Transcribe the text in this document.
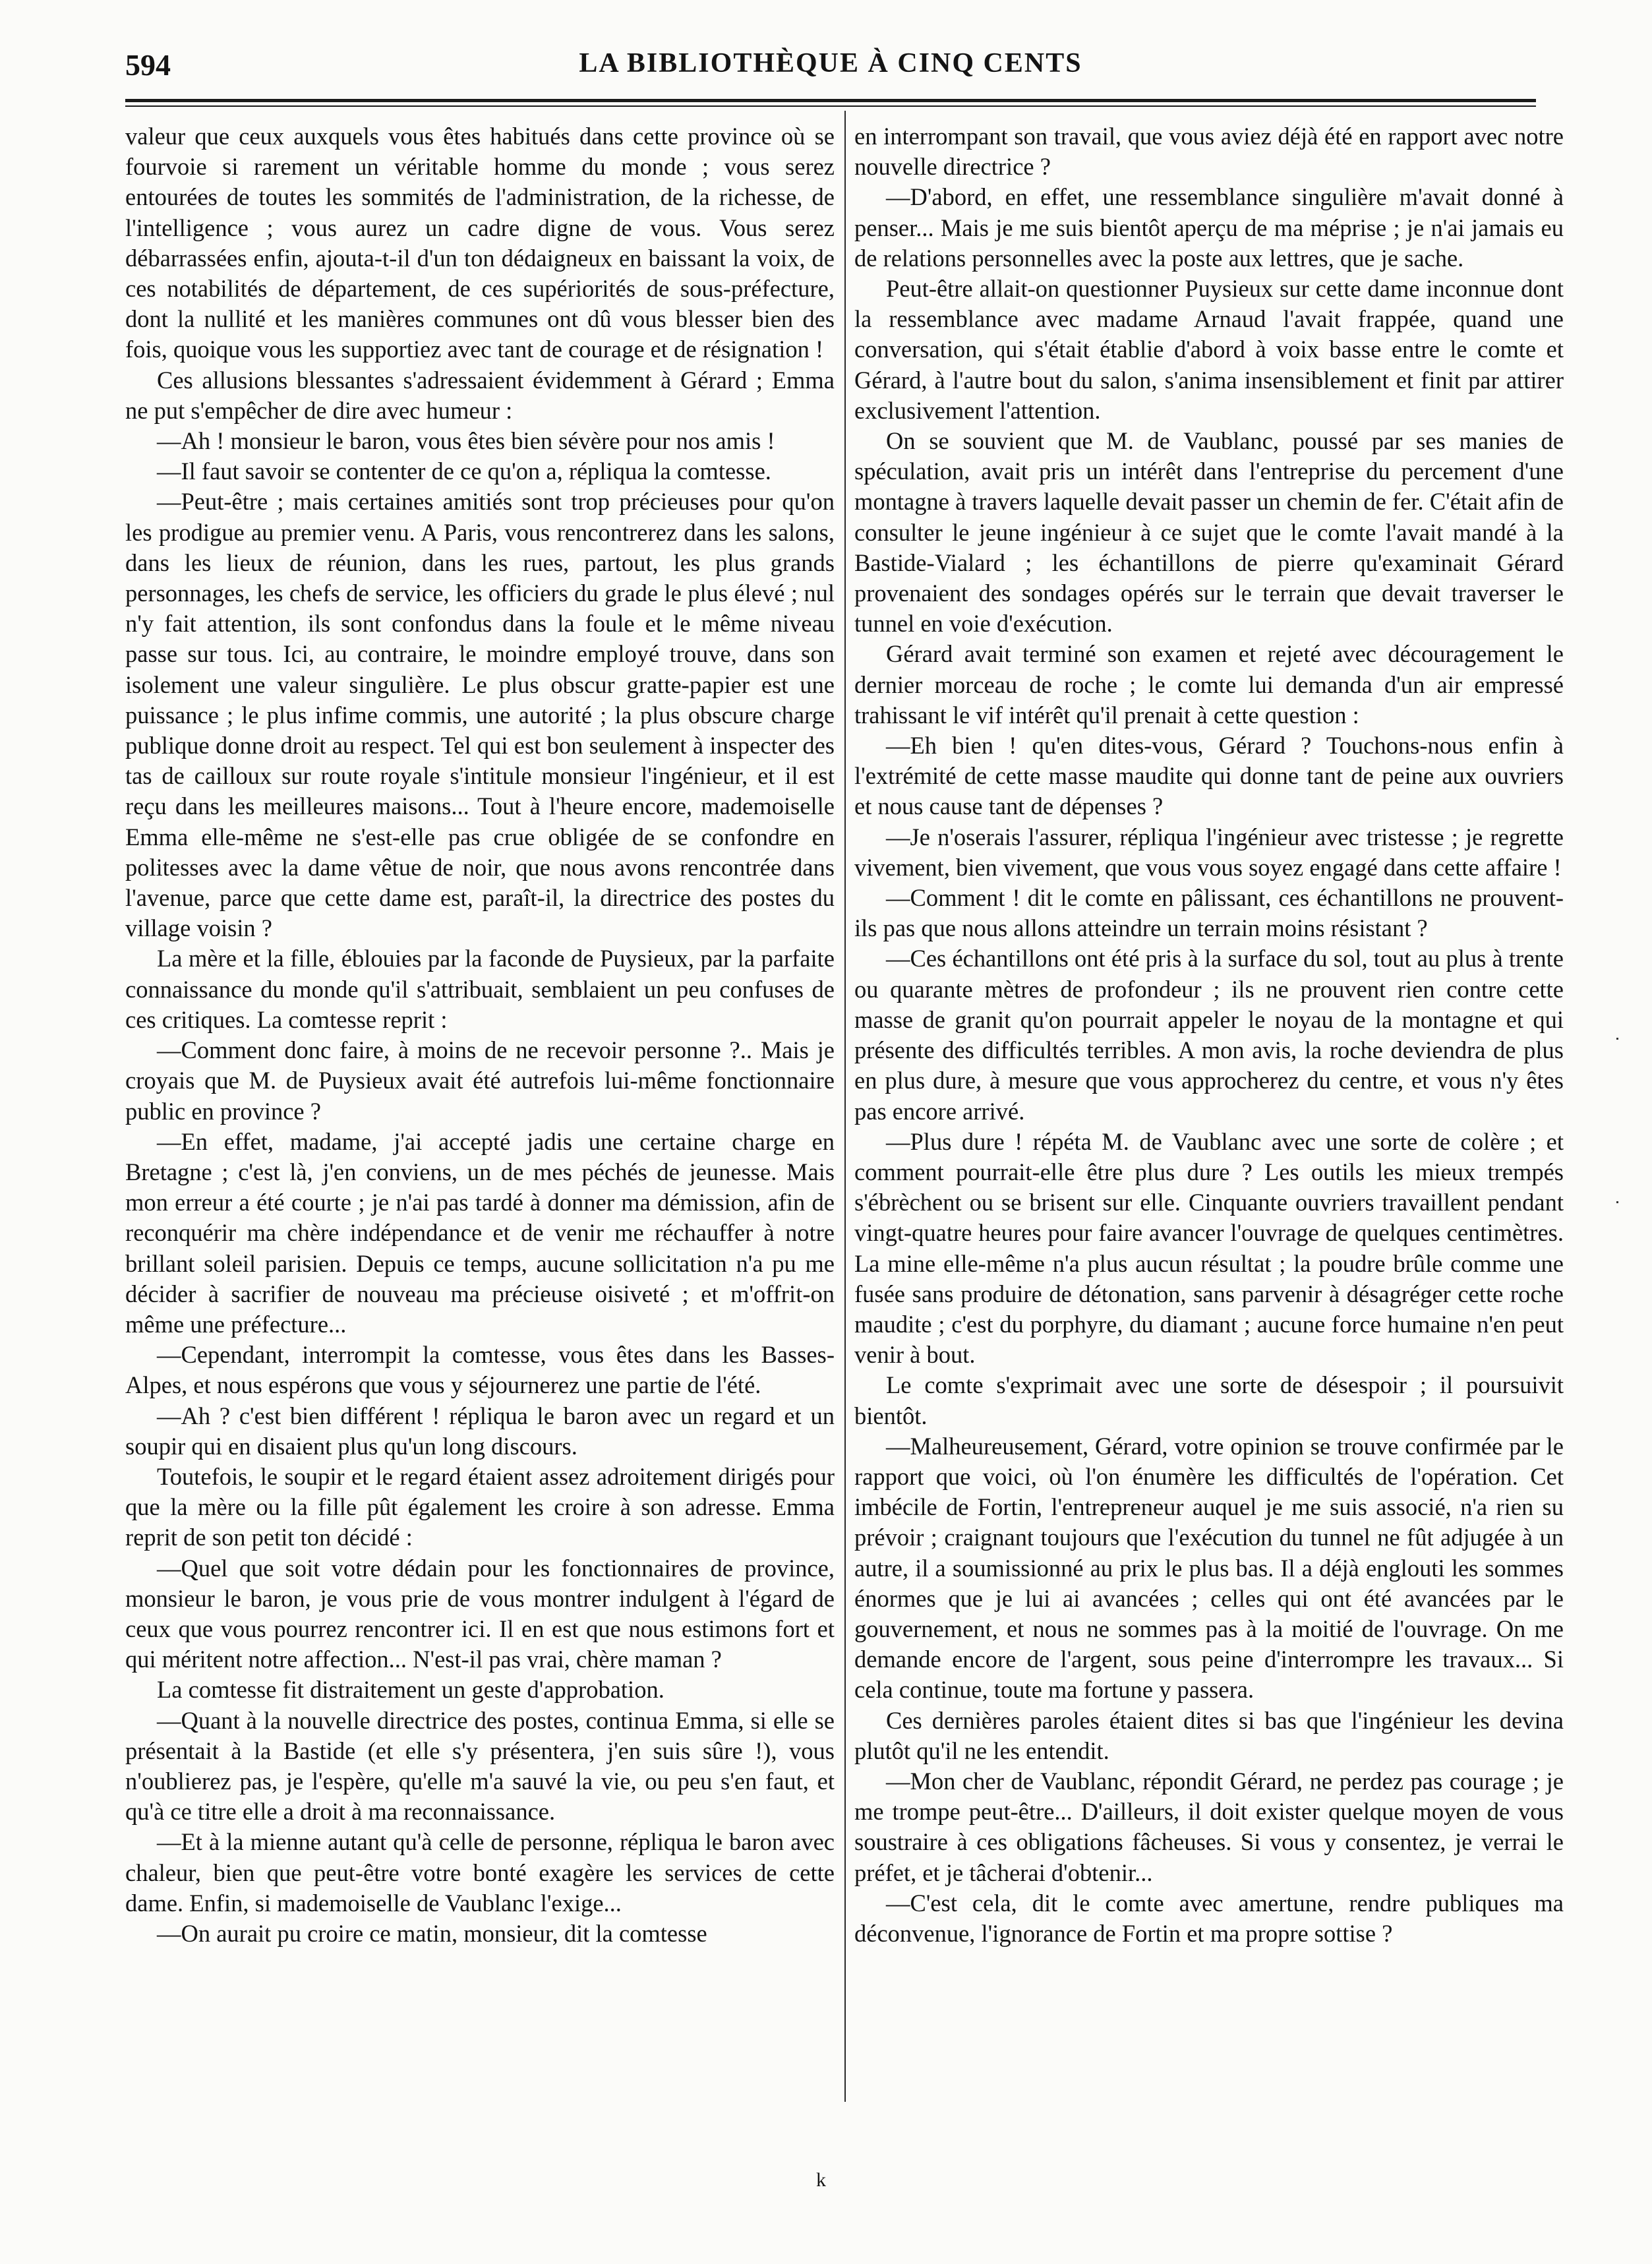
594	LA BIBLIOTHÈQUE À CINQ CENTS

valeur que ceux auxquels vous êtes habitués dans cette province où se fourvoie si rarement un véritable homme du monde ; vous serez entourées de toutes les sommités de l'administration, de la richesse, de l'intelligence ; vous aurez un cadre digne de vous. Vous serez débarrassées enfin, ajouta-t-il d'un ton dédaigneux en baissant la voix, de ces notabilités de département, de ces supériorités de sous-préfecture, dont la nullité et les manières communes ont dû vous blesser bien des fois, quoique vous les supportiez avec tant de courage et de résignation !

Ces allusions blessantes s'adressaient évidemment à Gérard ; Emma ne put s'empêcher de dire avec humeur :

—Ah ! monsieur le baron, vous êtes bien sévère pour nos amis !

—Il faut savoir se contenter de ce qu'on a, répliqua la comtesse.

—Peut-être ; mais certaines amitiés sont trop précieuses pour qu'on les prodigue au premier venu. A Paris, vous rencontrerez dans les salons, dans les lieux de réunion, dans les rues, partout, les plus grands personnages, les chefs de service, les officiers du grade le plus élevé ; nul n'y fait attention, ils sont confondus dans la foule et le même niveau passe sur tous. Ici, au contraire, le moindre employé trouve, dans son isolement une valeur singulière. Le plus obscur gratte-papier est une puissance ; le plus infime commis, une autorité ; la plus obscure charge publique donne droit au respect. Tel qui est bon seulement à inspecter des tas de cailloux sur route royale s'intitule monsieur l'ingénieur, et il est reçu dans les meilleures maisons... Tout à l'heure encore, mademoiselle Emma elle-même ne s'est-elle pas crue obligée de se confondre en politesses avec la dame vêtue de noir, que nous avons rencontrée dans l'avenue, parce que cette dame est, paraît-il, la directrice des postes du village voisin ?

La mère et la fille, éblouies par la faconde de Puysieux, par la parfaite connaissance du monde qu'il s'attribuait, semblaient un peu confuses de ces critiques. La comtesse reprit :

—Comment donc faire, à moins de ne recevoir personne ?.. Mais je croyais que M. de Puysieux avait été autrefois lui-même fonctionnaire public en province ?

—En effet, madame, j'ai accepté jadis une certaine charge en Bretagne ; c'est là, j'en conviens, un de mes péchés de jeunesse. Mais mon erreur a été courte ; je n'ai pas tardé à donner ma démission, afin de reconquérir ma chère indépendance et de venir me réchauffer à notre brillant soleil parisien. Depuis ce temps, aucune sollicitation n'a pu me décider à sacrifier de nouveau ma précieuse oisiveté ; et m'offrit-on même une préfecture...

—Cependant, interrompit la comtesse, vous êtes dans les Basses-Alpes, et nous espérons que vous y séjournerez une partie de l'été.

—Ah ? c'est bien différent ! répliqua le baron avec un regard et un soupir qui en disaient plus qu'un long discours.

Toutefois, le soupir et le regard étaient assez adroitement dirigés pour que la mère ou la fille pût également les croire à son adresse. Emma reprit de son petit ton décidé :

—Quel que soit votre dédain pour les fonctionnaires de province, monsieur le baron, je vous prie de vous montrer indulgent à l'égard de ceux que vous pourrez rencontrer ici. Il en est que nous estimons fort et qui méritent notre affection... N'est-il pas vrai, chère maman ?

La comtesse fit distraitement un geste d'approbation.

—Quant à la nouvelle directrice des postes, continua Emma, si elle se présentait à la Bastide (et elle s'y présentera, j'en suis sûre !), vous n'oublierez pas, je l'espère, qu'elle m'a sauvé la vie, ou peu s'en faut, et qu'à ce titre elle a droit à ma reconnaissance.

—Et à la mienne autant qu'à celle de personne, répliqua le baron avec chaleur, bien que peut-être votre bonté exagère les services de cette dame. Enfin, si mademoiselle de Vaublanc l'exige...

—On aurait pu croire ce matin, monsieur, dit la comtesse

en interrompant son travail, que vous aviez déjà été en rapport avec notre nouvelle directrice ?

—D'abord, en effet, une ressemblance singulière m'avait donné à penser... Mais je me suis bientôt aperçu de ma méprise ; je n'ai jamais eu de relations personnelles avec la poste aux lettres, que je sache.

Peut-être allait-on questionner Puysieux sur cette dame inconnue dont la ressemblance avec madame Arnaud l'avait frappée, quand une conversation, qui s'était établie d'abord à voix basse entre le comte et Gérard, à l'autre bout du salon, s'anima insensiblement et finit par attirer exclusivement l'attention.

On se souvient que M. de Vaublanc, poussé par ses manies de spéculation, avait pris un intérêt dans l'entreprise du percement d'une montagne à travers laquelle devait passer un chemin de fer. C'était afin de consulter le jeune ingénieur à ce sujet que le comte l'avait mandé à la Bastide-Vialard ; les échantillons de pierre qu'examinait Gérard provenaient des sondages opérés sur le terrain que devait traverser le tunnel en voie d'exécution.

Gérard avait terminé son examen et rejeté avec découragement le dernier morceau de roche ; le comte lui demanda d'un air empressé trahissant le vif intérêt qu'il prenait à cette question :

—Eh bien ! qu'en dites-vous, Gérard ? Touchons-nous enfin à l'extrémité de cette masse maudite qui donne tant de peine aux ouvriers et nous cause tant de dépenses ?

—Je n'oserais l'assurer, répliqua l'ingénieur avec tristesse ; je regrette vivement, bien vivement, que vous vous soyez engagé dans cette affaire !

—Comment ! dit le comte en pâlissant, ces échantillons ne prouvent-ils pas que nous allons atteindre un terrain moins résistant ?

—Ces échantillons ont été pris à la surface du sol, tout au plus à trente ou quarante mètres de profondeur ; ils ne prouvent rien contre cette masse de granit qu'on pourrait appeler le noyau de la montagne et qui présente des difficultés terribles. A mon avis, la roche deviendra de plus en plus dure, à mesure que vous approcherez du centre, et vous n'y êtes pas encore arrivé.

—Plus dure ! répéta M. de Vaublanc avec une sorte de colère ; et comment pourrait-elle être plus dure ? Les outils les mieux trempés s'ébrèchent ou se brisent sur elle. Cinquante ouvriers travaillent pendant vingt-quatre heures pour faire avancer l'ouvrage de quelques centimètres. La mine elle-même n'a plus aucun résultat ; la poudre brûle comme une fusée sans produire de détonation, sans parvenir à désagréger cette roche maudite ; c'est du porphyre, du diamant ; aucune force humaine n'en peut venir à bout.

Le comte s'exprimait avec une sorte de désespoir ; il poursuivit bientôt.

—Malheureusement, Gérard, votre opinion se trouve confirmée par le rapport que voici, où l'on énumère les difficultés de l'opération. Cet imbécile de Fortin, l'entrepreneur auquel je me suis associé, n'a rien su prévoir ; craignant toujours que l'exécution du tunnel ne fût adjugée à un autre, il a soumissionné au prix le plus bas. Il a déjà englouti les sommes énormes que je lui ai avancées ; celles qui ont été avancées par le gouvernement, et nous ne sommes pas à la moitié de l'ouvrage. On me demande encore de l'argent, sous peine d'interrompre les travaux... Si cela continue, toute ma fortune y passera.

Ces dernières paroles étaient dites si bas que l'ingénieur les devina plutôt qu'il ne les entendit.

—Mon cher de Vaublanc, répondit Gérard, ne perdez pas courage ; je me trompe peut-être... D'ailleurs, il doit exister quelque moyen de vous soustraire à ces obligations fâcheuses. Si vous y consentez, je verrai le préfet, et je tâcherai d'obtenir...

—C'est cela, dit le comte avec amertune, rendre publiques ma déconvenue, l'ignorance de Fortin et ma propre sottise ?

k
